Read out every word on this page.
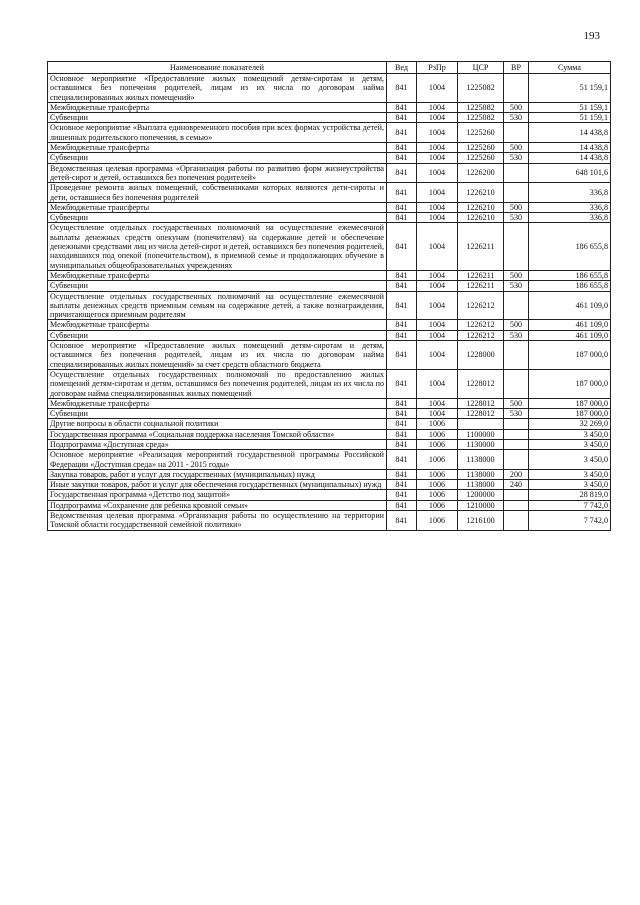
193
Наименование показателей	Вед	РзПр	ЦСР	ВР	Сумма
Основное мероприятие «Предоставление жилых помещений детям-сиротам и детям, оставшимся без попечения родителей, лицам из их числа по договорам найма специализированных жилых помещений»	841	1004	1225082		51 159,1
Межбюджетные трансферты	841	1004	1225082	500	51 159,1
Субвенции	841	1004	1225082	530	51 159,1
Основное мероприятие «Выплата единовременного пособия при всех формах устройства детей, лишенных родительского попечения, в семью»	841	1004	1225260		14 438,8
Межбюджетные трансферты	841	1004	1225260	500	14 438,8
Субвенции	841	1004	1225260	530	14 438,8
Ведомственная целевая программа «Организация работы по развитию форм жизнеустройства детей-сирот и детей, оставшихся без попечения родителей»	841	1004	1226200		648 101,6
Проведение ремонта жилых помещений, собственниками которых являются дети-сироты и дети, оставшиеся без попечения родителей	841	1004	1226210		336,8
Межбюджетные трансферты	841	1004	1226210	500	336,8
Субвенции	841	1004	1226210	530	336,8
Осуществление отдельных государственных полномочий на осуществление ежемесячной выплаты денежных средств опекунам (попечителям) на содержание детей и обеспечение денежными средствами лиц из числа детей-сирот и детей, оставшихся без попечения родителей, находившихся под опекой (попечительством), в приемной семье и продолжающих обучение в муниципальных общеобразовательных учреждениях	841	1004	1226211		186 655,8
Межбюджетные трансферты	841	1004	1226211	500	186 655,8
Субвенции	841	1004	1226211	530	186 655,8
Осуществление отдельных государственных полномочий на осуществление ежемесячной выплаты денежных средств приемным семьям на содержание детей, а также вознаграждения, причитающегося приемным родителям	841	1004	1226212		461 109,0
Межбюджетные трансферты	841	1004	1226212	500	461 109,0
Субвенции	841	1004	1226212	530	461 109,0
Основное мероприятие «Предоставление жилых помещений детям-сиротам и детям, оставшимся без попечения родителей, лицам из их числа по договорам найма специализированных жилых помещений» за счет средств областного бюджета	841	1004	1228000		187 000,0
Осуществление отдельных государственных полномочий по предоставлению жилых помещений детям-сиротам и детям, оставшимся без попечения родителей, лицам из их числа по договорам найма специализированных жилых помещений	841	1004	1228012		187 000,0
Межбюджетные трансферты	841	1004	1228012	500	187 000,0
Субвенции	841	1004	1228012	530	187 000,0
Другие вопросы в области социальной политики	841	1006			32 269,0
Государственная программа «Социальная поддержка населения Томской области»	841	1006	1100000		3 450,0
Подпрограмма «Доступная среда»	841	1006	1130000		3 450,0
Основное мероприятие «Реализация мероприятий государственной программы Российской Федерации «Доступная среда» на 2011 - 2015 годы»	841	1006	1138000		3 450,0
Закупка товаров, работ и услуг для государственных (муниципальных) нужд	841	1006	1138000	200	3 450,0
Иные закупки товаров, работ и услуг для обеспечения государственных (муниципальных) нужд	841	1006	1138000	240	3 450,0
Государственная программа «Детство под защитой»	841	1006	1200000		28 819,0
Подпрограмма «Сохранение для ребенка кровной семьи»	841	1006	1210000		7 742,0
Ведомственная целевая программа «Организация работы по осуществлению на территории Томской области государственной семейной политики»	841	1006	1216100		7 742,0
